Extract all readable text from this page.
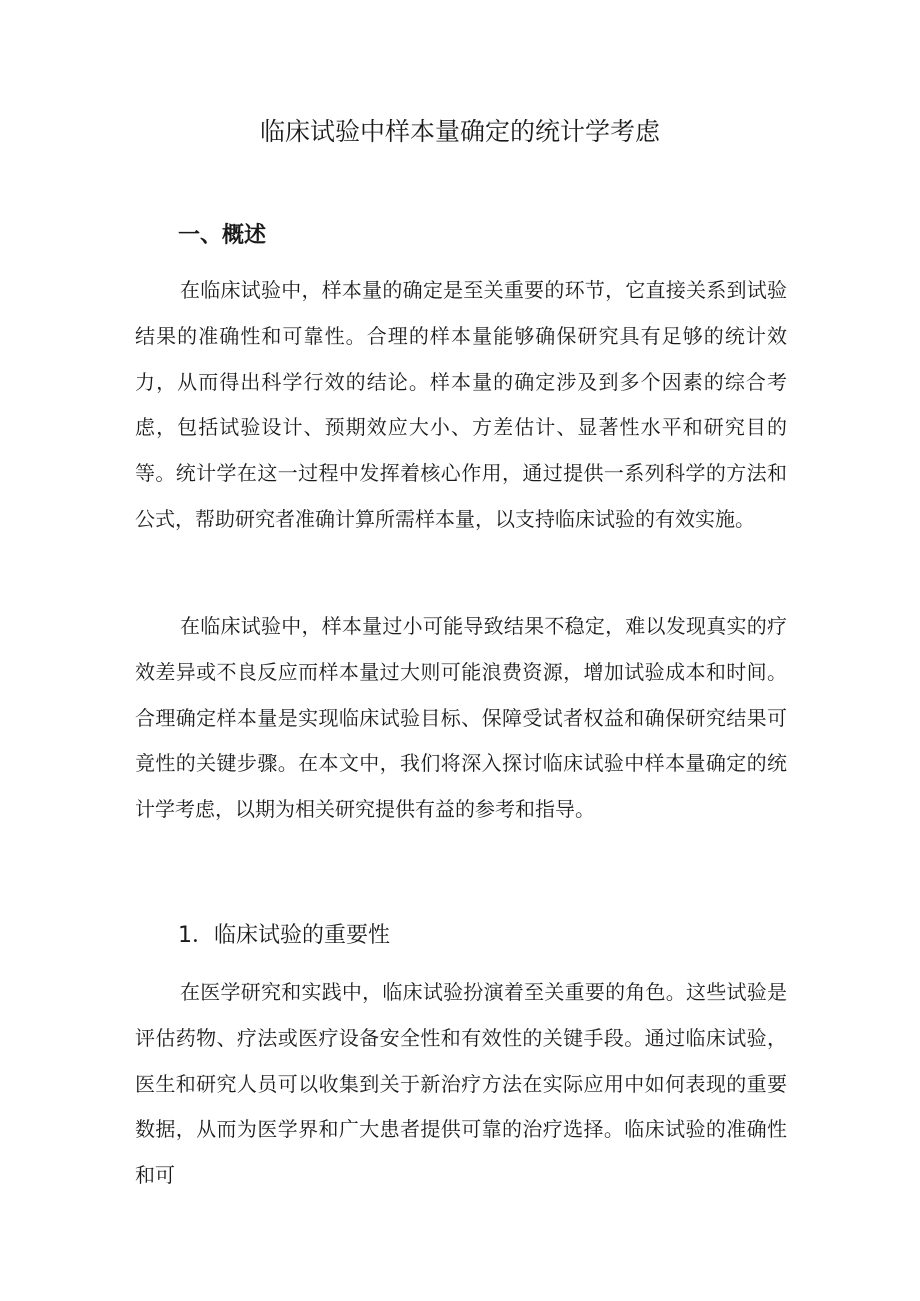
临床试验中样本量确定的统计学考虑
一、概述

在临床试验中，样本量的确定是至关重要的环节，它直接关系到试验结果的准确性和可靠性。合理的样本量能够确保研究具有足够的统计效力，从而得出科学行效的结论。样本量的确定涉及到多个因素的综合考虑，包括试验设计、预期效应大小、方差估计、显著性水平和研究目的等。统计学在这一过程中发挥着核心作用，通过提供一系列科学的方法和公式，帮助研究者准确计算所需样本量，以支持临床试验的有效实施。

在临床试验中，样本量过小可能导致结果不稳定，难以发现真实的疗效差异或不良反应而样本量过大则可能浪费资源，增加试验成本和时间。合理确定样本量是实现临床试验目标、保障受试者权益和确保研究结果可竟性的关键步骤。在本文中，我们将深入探讨临床试验中样本量确定的统计学考虑，以期为相关研究提供有益的参考和指导。

1．临床试验的重要性

在医学研究和实践中，临床试验扮演着至关重要的角色。这些试验是评估药物、疗法或医疗设备安全性和有效性的关键手段。通过临床试验，医生和研究人员可以收集到关于新治疗方法在实际应用中如何表现的重要数据，从而为医学界和广大患者提供可靠的治疗选择。临床试验的准确性和可
